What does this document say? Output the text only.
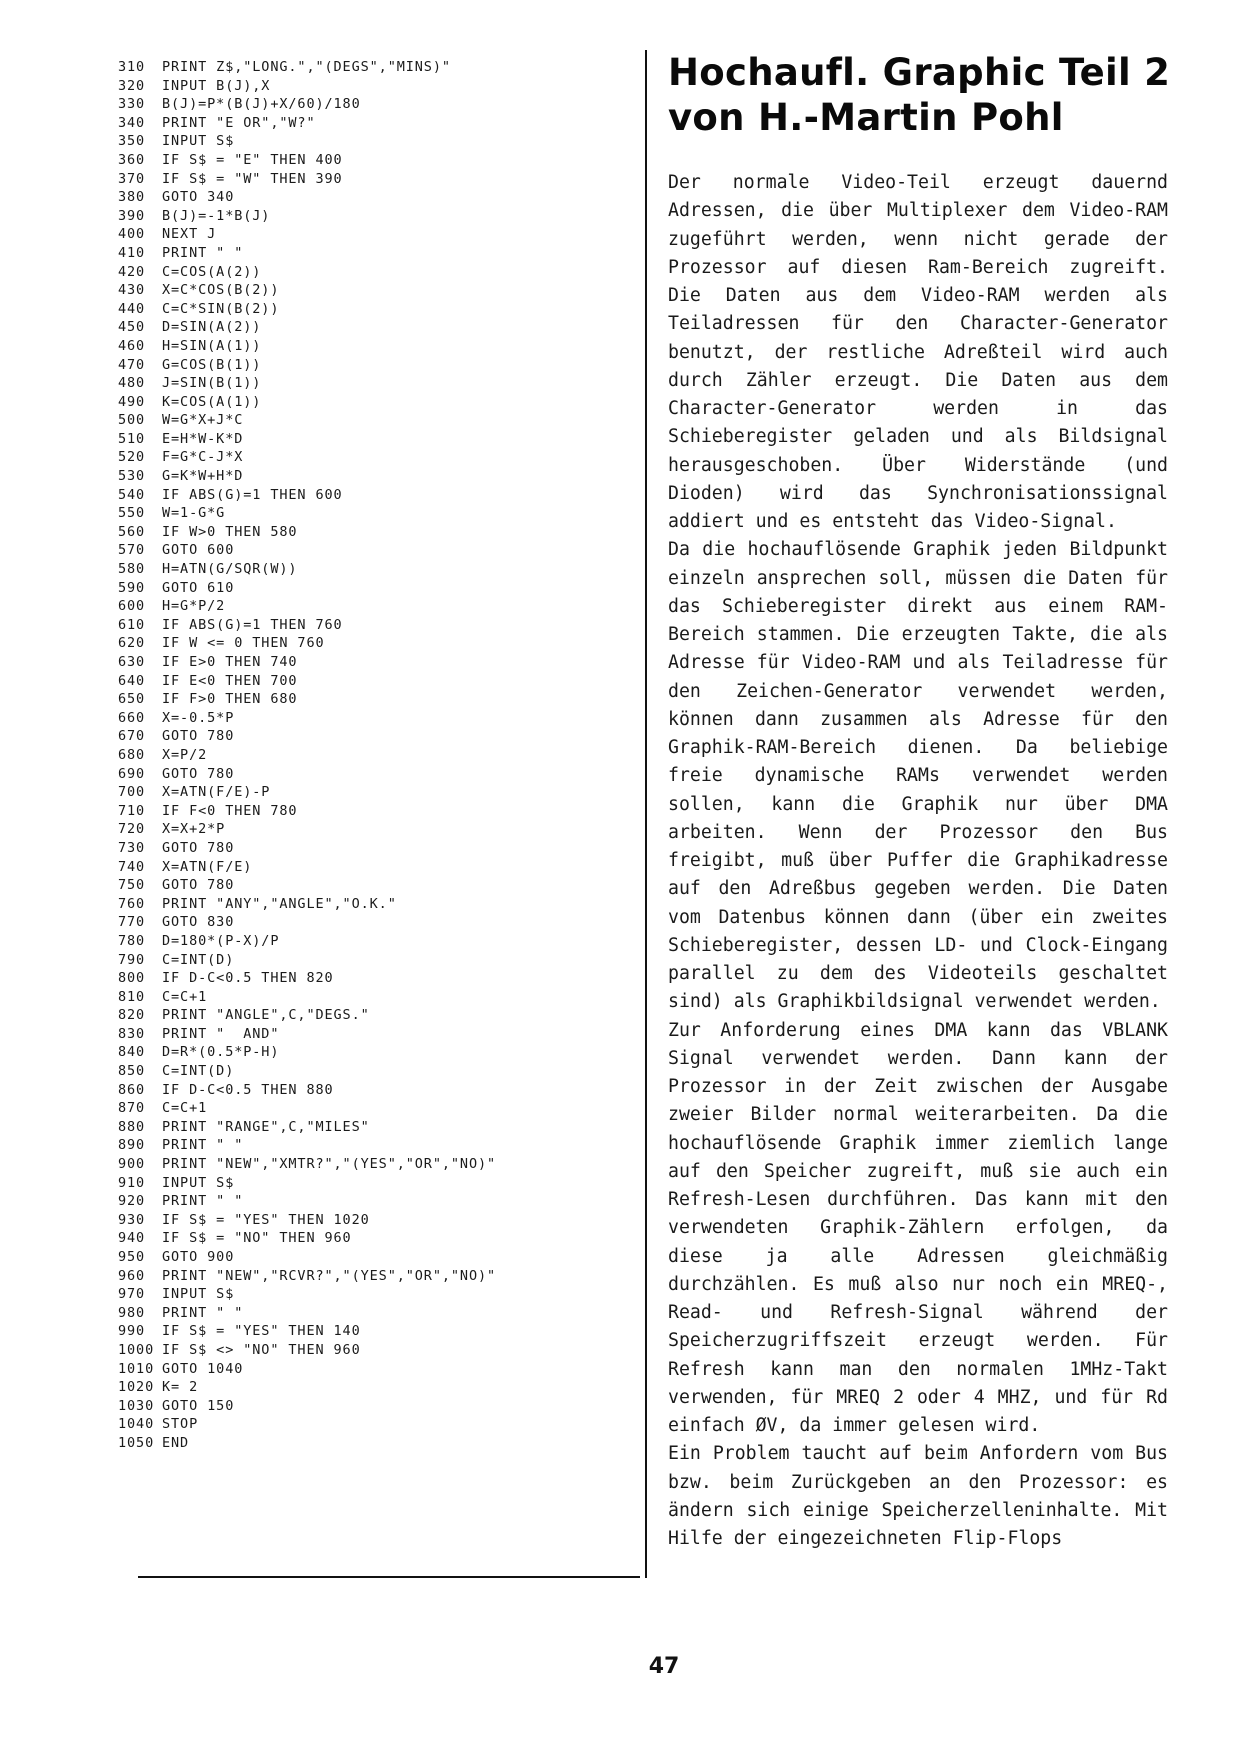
310 PRINT Z$,"LONG.","(DEGS","MINS)"
320 INPUT B(J),X
330 B(J)=P*(B(J)+X/60)/180
340 PRINT "E OR","W?"
350 INPUT S$
360 IF S$ = "E" THEN 400
370 IF S$ = "W" THEN 390
380 GOTO 340
390 B(J)=-1*B(J)
400 NEXT J
410 PRINT " "
420 C=COS(A(2))
430 X=C*COS(B(2))
440 C=C*SIN(B(2))
450 D=SIN(A(2))
460 H=SIN(A(1))
470 G=COS(B(1))
480 J=SIN(B(1))
490 K=COS(A(1))
500 W=G*X+J*C
510 E=H*W-K*D
520 F=G*C-J*X
530 G=K*W+H*D
540 IF ABS(G)=1 THEN 600
550 W=1-G*G
560 IF W>0 THEN 580
570 GOTO 600
580 H=ATN(G/SQR(W))
590 GOTO 610
600 H=G*P/2
610 IF ABS(G)=1 THEN 760
620 IF W <= 0 THEN 760
630 IF E>0 THEN 740
640 IF E<0 THEN 700
650 IF F>0 THEN 680
660 X=-0.5*P
670 GOTO 780
680 X=P/2
690 GOTO 780
700 X=ATN(F/E)-P
710 IF F<0 THEN 780
720 X=X+2*P
730 GOTO 780
740 X=ATN(F/E)
750 GOTO 780
760 PRINT "ANY","ANGLE","O.K."
770 GOTO 830
780 D=180*(P-X)/P
790 C=INT(D)
800 IF D-C<0.5 THEN 820
810 C=C+1
820 PRINT "ANGLE",C,"DEGS."
830 PRINT "  AND"
840 D=R*(0.5*P-H)
850 C=INT(D)
860 IF D-C<0.5 THEN 880
870 C=C+1
880 PRINT "RANGE",C,"MILES"
890 PRINT " "
900 PRINT "NEW","XMTR?","(YES","OR","NO)"
910 INPUT S$
920 PRINT " "
930 IF S$ = "YES" THEN 1020
940 IF S$ = "NO" THEN 960
950 GOTO 900
960 PRINT "NEW","RCVR?","(YES","OR","NO)"
970 INPUT S$
980 PRINT " "
990 IF S$ = "YES" THEN 140
1000 IF S$ <> "NO" THEN 960
1010 GOTO 1040
1020 K= 2
1030 GOTO 150
1040 STOP
1050 END
Hochaufl. Graphic Teil 2
von H.-Martin Pohl

Der normale Video-Teil erzeugt dauernd Adressen, die über Multiplexer dem Video-RAM zugeführt werden, wenn nicht gerade der Prozessor auf diesen Ram-Bereich zugreift. Die Daten aus dem Video-RAM werden als Teiladressen für den Character-Generator benutzt, der restliche Adreßteil wird auch durch Zähler erzeugt. Die Daten aus dem Character-Generator werden in das Schieberegister geladen und als Bildsignal herausgeschoben. Über Widerstände (und Dioden) wird das Synchronisationssignal addiert und es entsteht das Video-Signal.

Da die hochauflösende Graphik jeden Bildpunkt einzeln ansprechen soll, müssen die Daten für das Schieberegister direkt aus einem RAM-Bereich stammen. Die erzeugten Takte, die als Adresse für Video-RAM und als Teiladresse für den Zeichen-Generator verwendet werden, können dann zusammen als Adresse für den Graphik-RAM-Bereich dienen. Da beliebige freie dynamische RAMs verwendet werden sollen, kann die Graphik nur über DMA arbeiten. Wenn der Prozessor den Bus freigibt, muß über Puffer die Graphikadresse auf den Adreßbus gegeben werden. Die Daten vom Datenbus können dann (über ein zweites Schieberegister, dessen LD- und Clock-Eingang parallel zu dem des Videoteils geschaltet sind) als Graphikbildsignal verwendet werden.

Zur Anforderung eines DMA kann das VBLANK Signal verwendet werden. Dann kann der Prozessor in der Zeit zwischen der Ausgabe zweier Bilder normal weiterarbeiten. Da die hochauflösende Graphik immer ziemlich lange auf den Speicher zugreift, muß sie auch ein Refresh-Lesen durchführen. Das kann mit den verwendeten Graphik-Zählern erfolgen, da diese ja alle Adressen gleichmäßig durchzählen. Es muß also nur noch ein MREQ-, Read- und Refresh-Signal während der Speicherzugriffszeit erzeugt werden. Für Refresh kann man den normalen 1MHz-Takt verwenden, für MREQ 2 oder 4 MHZ, und für Rd einfach ØV, da immer gelesen wird.

Ein Problem taucht auf beim Anfordern vom Bus bzw. beim Zurückgeben an den Prozessor: es ändern sich einige Speicherzelleninhalte. Mit Hilfe der eingezeichneten Flip-Flops

47
